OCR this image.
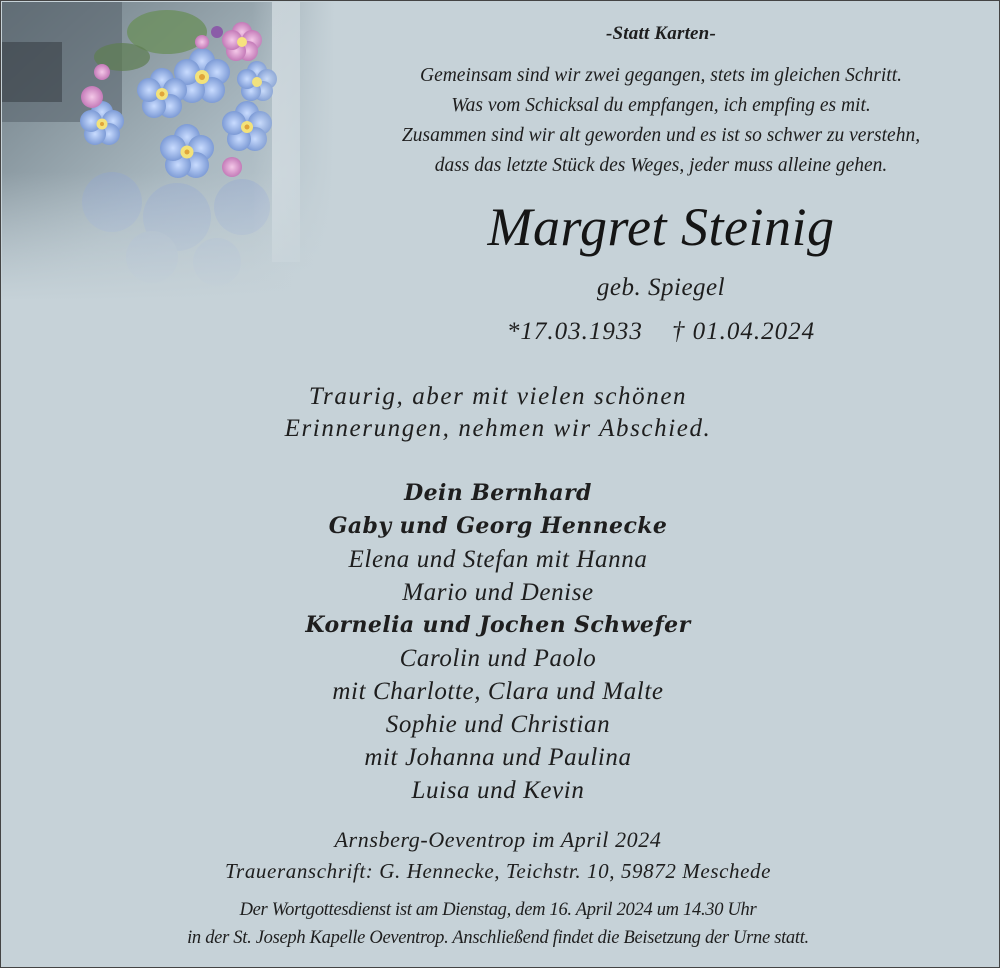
-Statt Karten-
Gemeinsam sind wir zwei gegangen, stets im gleichen Schritt.
Was vom Schicksal du empfangen, ich empfing es mit.
Zusammen sind wir alt geworden und es ist so schwer zu verstehn,
dass das letzte Stück des Weges, jeder muss alleine gehen.
Margret Steinig
geb. Spiegel
*17.03.1933    † 01.04.2024
Traurig, aber mit vielen schönen
Erinnerungen, nehmen wir Abschied.
Dein Bernhard
Gaby und Georg Hennecke
Elena und Stefan mit Hanna
Mario und Denise
Kornelia und Jochen Schwefer
Carolin und Paolo
mit Charlotte, Clara und Malte
Sophie und Christian
mit Johanna und Paulina
Luisa und Kevin
Arnsberg-Oeventrop im April 2024
Traueranschrift: G. Hennecke, Teichstr. 10, 59872 Meschede
Der Wortgottesdienst ist am Dienstag, dem 16. April 2024 um 14.30 Uhr
in der St. Joseph Kapelle Oeventrop. Anschließend findet die Beisetzung der Urne statt.
